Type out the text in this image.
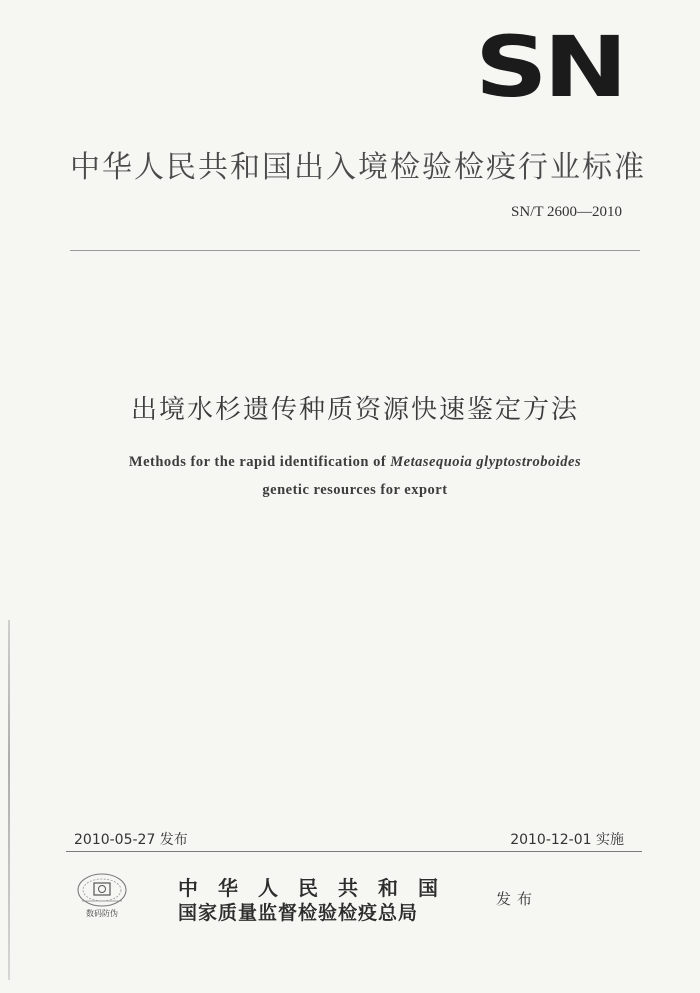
SN
中华人民共和国出入境检验检疫行业标准
SN/T 2600—2010
出境水杉遗传种质资源快速鉴定方法
Methods for the rapid identification of Metasequoia glyptostroboides
genetic resources for export
2010-05-27 发布	2010-12-01 实施
数码防伪
中华人民共和国
国家质量监督检验检疫总局
发布
